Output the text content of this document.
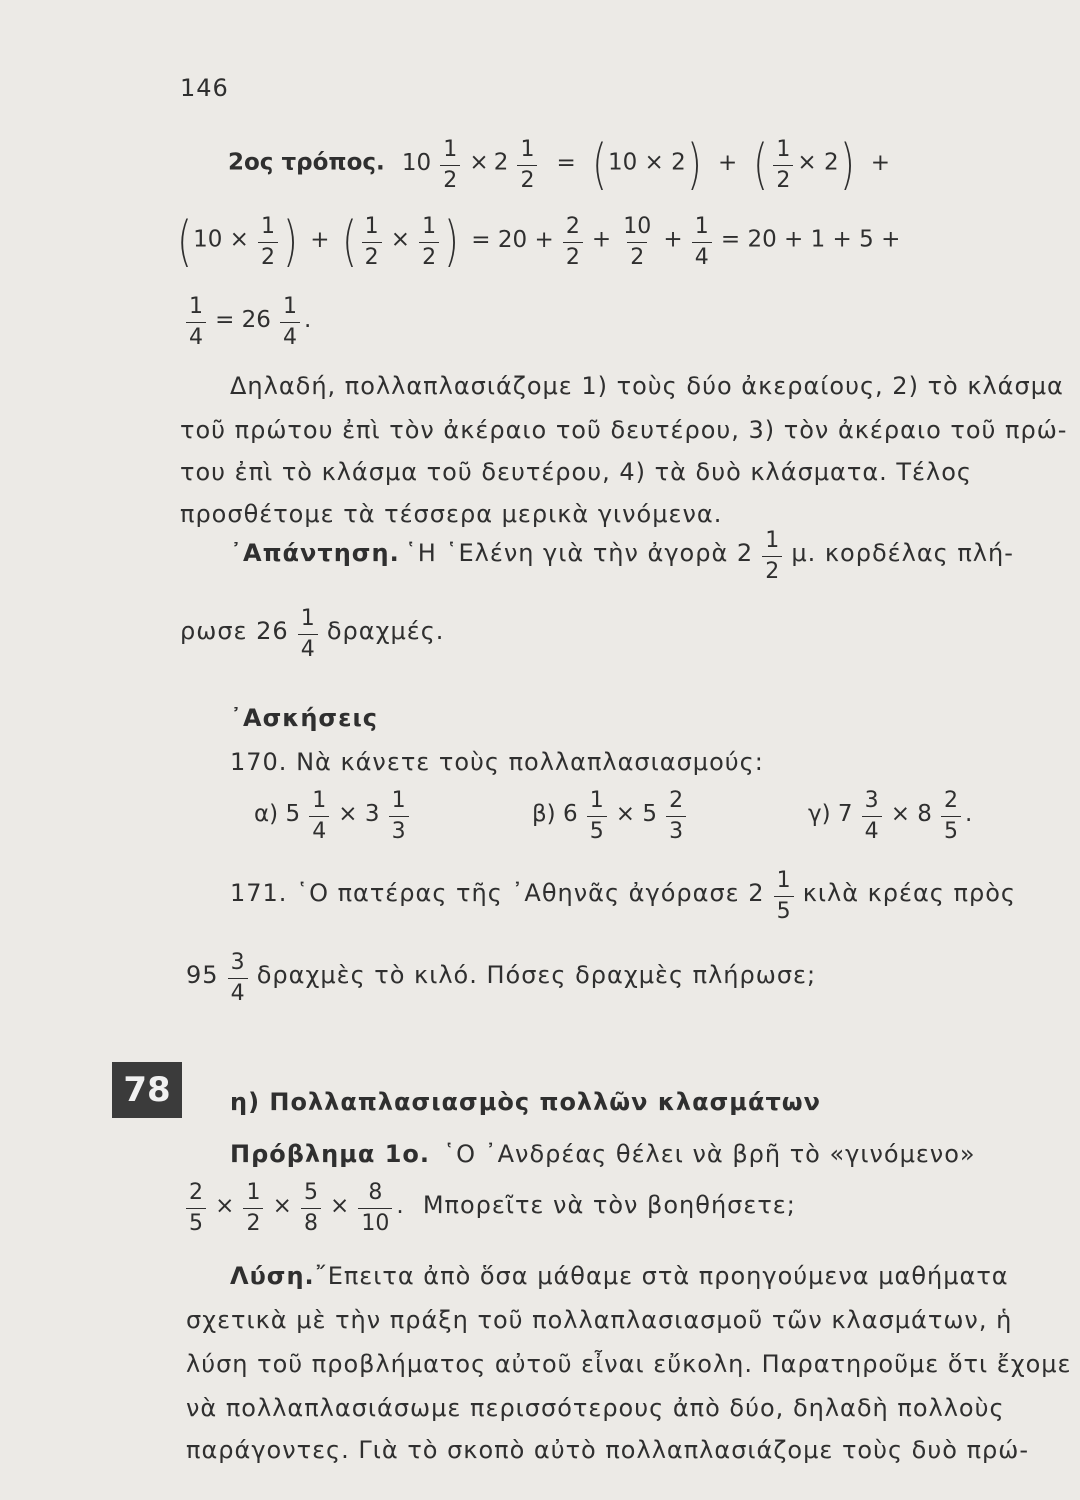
146
2ος τρόπος. $10 \frac{1}{2} \times 2 \frac{1}{2} = (10 \times 2)$ + ( $\frac{1}{2} \times 2$) +
($10 \times \frac{1}{2}$ ) + ( $\frac{1}{2} \times \frac{1}{2}$ ) = $20 + \frac{2}{2} + \frac{10}{2} + \frac{1}{4} = 20 + 1 + 5$ +
$\frac{1}{4} = 26 \frac{1}{4}$ .
Δηλαδή, πολλαπλασιάζομε 1) τοὺς δύο ἀκεραίους, 2) τὸ κλάσμα
τοῦ πρώτου ἐπὶ τὸν ἀκέραιο τοῦ δευτέρου, 3) τὸν ἀκέραιο τοῦ πρώ-
του ἐπὶ τὸ κλάσμα τοῦ δευτέρου, 4) τὰ δυὸ κλάσματα. Τέλος
προσθέτομε τὰ τέσσερα μερικὰ γινόμενα.
᾿Απάντηση. ῾Η ῾Ελένη γιὰ τὴν ἀγορὰ $2 \frac{1}{2} \mu$. κορδέλας πλή-
ρωσε $26 \frac{1}{4} \delta\rho\alpha\chi\mu έ\varsigma$.
᾿Ασκήσεις
170. Νὰ κάνετε τοὺς πολλαπλασιασμούς:
α) $5 \frac{1}{4} \times 3 \frac{1}{3}$	β) $6 \frac{1}{5} \times 5 \frac{2}{3}$	γ) $7 \frac{3}{4} \times 8 \frac{2}{5}$ .
171. ῾Ο πατέρας τῆς ᾿Αθηνᾶς ἀγόρασε $2 \frac{1}{5}$ κιλὰ κρέας πρὸς
$95 \frac{3}{4}$ δραχμὲς τὸ κιλό. Πόσες δραχμὲς πλήρωσε;
78	η) Πολλαπλασιασμὸς πολλῶν κλασμάτων
Πρόβλημα 1ο. ῾Ο ᾿Ανδρέας θέλει νὰ βρῆ τὸ «γινόμενο»
$\frac{2}{5} \times \frac{1}{2} \times \frac{5}{8} \times \frac{8}{10}$ . Μπορεῖτε νὰ τὸν βοηθήσετε;
Λύση.῎Επειτα ἀπὸ ὅσα μάθαμε στὰ προηγούμενα μαθήματα
σχετικὰ μὲ τὴν πράξη τοῦ πολλαπλασιασμοῦ τῶν κλασμάτων, ἡ
λύση τοῦ προβλήματος αὐτοῦ εἶναι εὔκολη. Παρατηροῦμε ὅτι ἔχομε
νὰ πολλαπλασιάσωμε περισσότερους ἀπὸ δύο, δηλαδὴ πολλοὺς
παράγοντες. Γιὰ τὸ σκοπὸ αὐτὸ πολλαπλασιάζομε τοὺς δυὸ πρώ-
